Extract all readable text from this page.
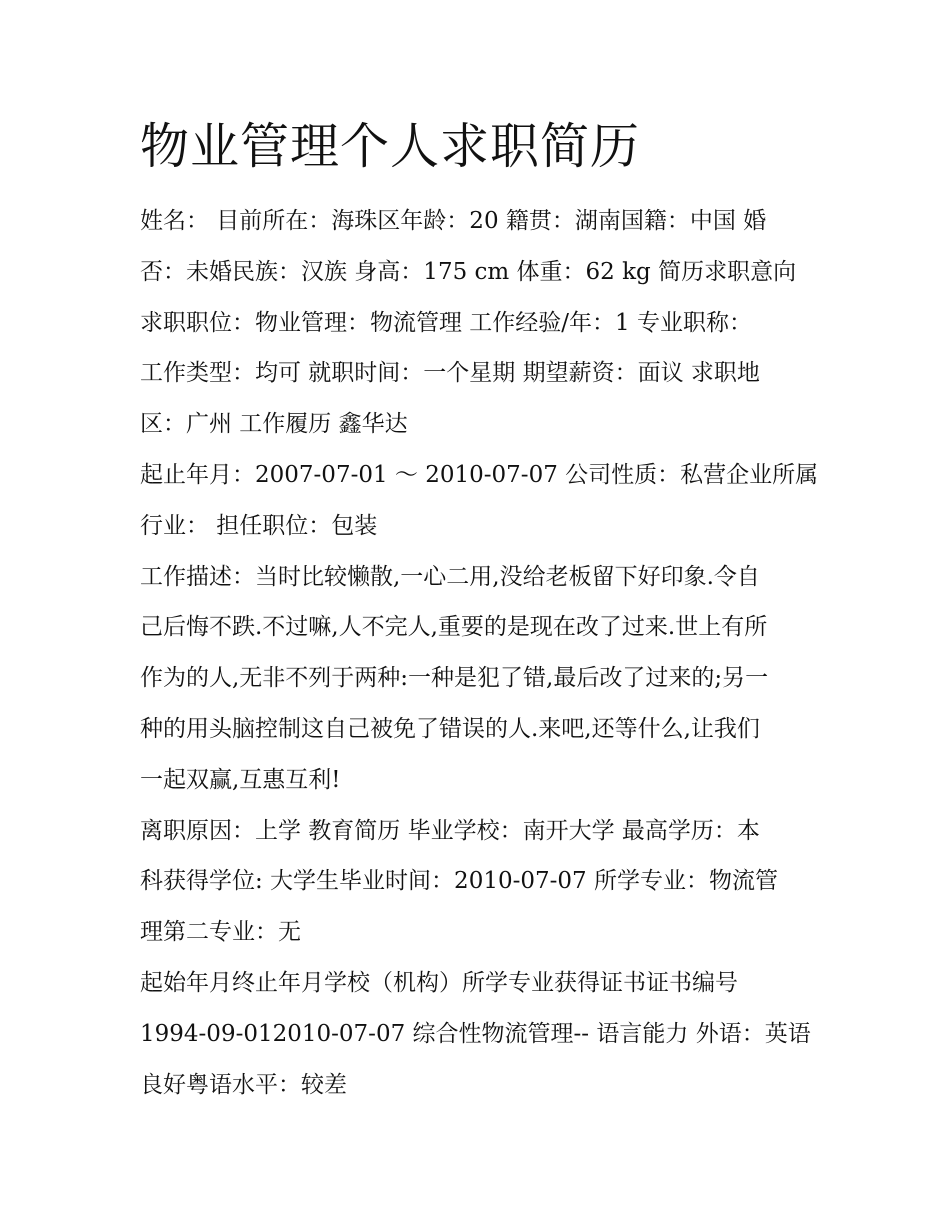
物业管理个人求职简历
姓名： 目前所在：海珠区年龄：20 籍贯：湖南国籍：中国 婚
否：未婚民族：汉族 身高：175 cm 体重：62 kg 简历求职意向
求职职位：物业管理：物流管理 工作经验/年：1 专业职称：
工作类型：均可 就职时间：一个星期 期望薪资：面议 求职地
区：广州 工作履历 鑫华达
起止年月：2007-07-01 ～ 2010-07-07 公司性质：私营企业所属
行业： 担任职位：包装
工作描述：当时比较懒散,一心二用,没给老板留下好印象.令自
己后悔不跌.不过嘛,人不完人,重要的是现在改了过来.世上有所
作为的人,无非不列于两种:一种是犯了错,最后改了过来的;另一
种的用头脑控制这自己被免了错误的人.来吧,还等什么,让我们
一起双赢,互惠互利!
离职原因：上学 教育简历 毕业学校：南开大学 最高学历：本
科获得学位: 大学生毕业时间：2010-07-07 所学专业：物流管
理第二专业：无
起始年月终止年月学校（机构）所学专业获得证书证书编号
1994-09-012010-07-07 综合性物流管理-- 语言能力 外语：英语
良好粤语水平：较差
